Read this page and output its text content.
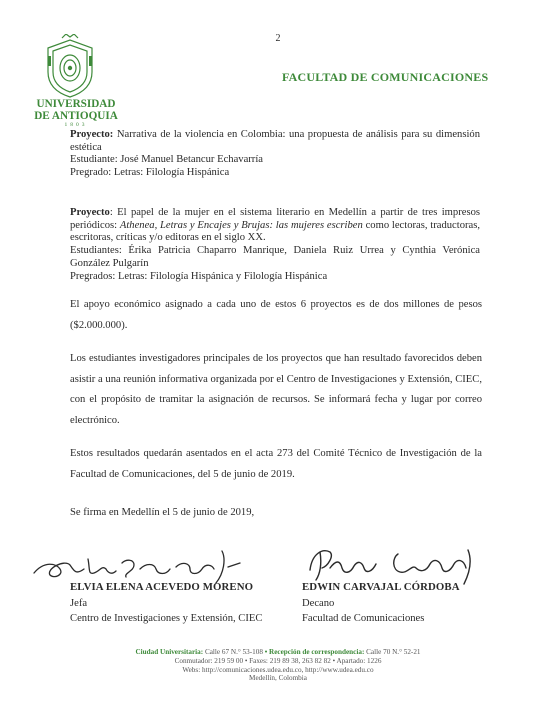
2
UNIVERSIDAD
DE ANTIOQUIA
1803
FACULTAD DE COMUNICACIONES
Proyecto: Narrativa de la violencia en Colombia: una propuesta de análisis para su dimensión estética
Estudiante: José Manuel Betancur Echavarría
Pregrado: Letras: Filología Hispánica
Proyecto: El papel de la mujer en el sistema literario en Medellín a partir de tres impresos periódicos: Athenea, Letras y Encajes y Brujas: las mujeres escriben como lectoras, traductoras, escritoras, críticas y/o editoras en el siglo XX.
Estudiantes: Érika Patricia Chaparro Manrique, Daniela Ruiz Urrea y Cynthia Verónica González Pulgarín
Pregrados: Letras: Filología Hispánica y Filología Hispánica
El apoyo económico asignado a cada uno de estos 6 proyectos es de dos millones de pesos ($2.000.000).
Los estudiantes investigadores principales de los proyectos que han resultado favorecidos deben asistir a una reunión informativa organizada por el Centro de Investigaciones y Extensión, CIEC, con el propósito de tramitar la asignación de recursos. Se informará fecha y lugar por correo electrónico.
Estos resultados quedarán asentados en el acta 273 del Comité Técnico de Investigación de la Facultad de Comunicaciones, del 5 de junio de 2019.
Se firma en Medellín el 5 de junio de 2019,
ELVIA ELENA ACEVEDO MORENO
Jefa
Centro de Investigaciones y Extensión, CIEC
EDWIN CARVAJAL CÓRDOBA
Decano
Facultad de Comunicaciones
Ciudad Universitaria: Calle 67 N.° 53-108 • Recepción de correspondencia: Calle 70 N.° 52-21
Conmutador: 219 59 00 • Faxes: 219 89 38, 263 82 82 • Apartado: 1226
Webs: http://comunicaciones.udea.edu.co, http://www.udea.edu.co
Medellín, Colombia
